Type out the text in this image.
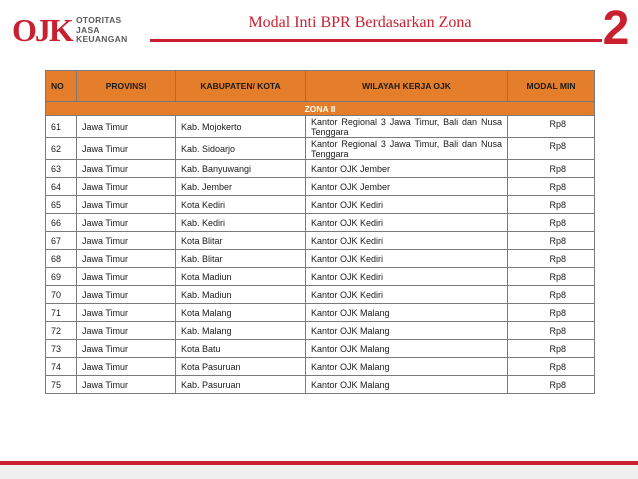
OJK OTORITAS
JASA
KEUANGAN
Modal Inti BPR Berdasarkan Zona	2
NO	PROVINSI	KABUPATEN/ KOTA	WILAYAH KERJA OJK	MODAL MIN
ZONA II				
61	Jawa Timur	Kab. Mojokerto	Kantor Regional 3 Jawa Timur, Bali dan Nusa Tenggara	Rp8
62	Jawa Timur	Kab. Sidoarjo	Kantor Regional 3 Jawa Timur, Bali dan Nusa Tenggara	Rp8
63	Jawa Timur	Kab. Banyuwangi	Kantor OJK Jember	Rp8
64	Jawa Timur	Kab. Jember	Kantor OJK Jember	Rp8
65	Jawa Timur	Kota Kediri	Kantor OJK Kediri	Rp8
66	Jawa Timur	Kab. Kediri	Kantor OJK Kediri	Rp8
67	Jawa Timur	Kota Blitar	Kantor OJK Kediri	Rp8
68	Jawa Timur	Kab. Blitar	Kantor OJK Kediri	Rp8
69	Jawa Timur	Kota Madiun	Kantor OJK Kediri	Rp8
70	Jawa Timur	Kab. Madiun	Kantor OJK Kediri	Rp8
71	Jawa Timur	Kota Malang	Kantor OJK Malang	Rp8
72	Jawa Timur	Kab. Malang	Kantor OJK Malang	Rp8
73	Jawa Timur	Kota Batu	Kantor OJK Malang	Rp8
74	Jawa Timur	Kota Pasuruan	Kantor OJK Malang	Rp8
75	Jawa Timur	Kab. Pasuruan	Kantor OJK Malang	Rp8
